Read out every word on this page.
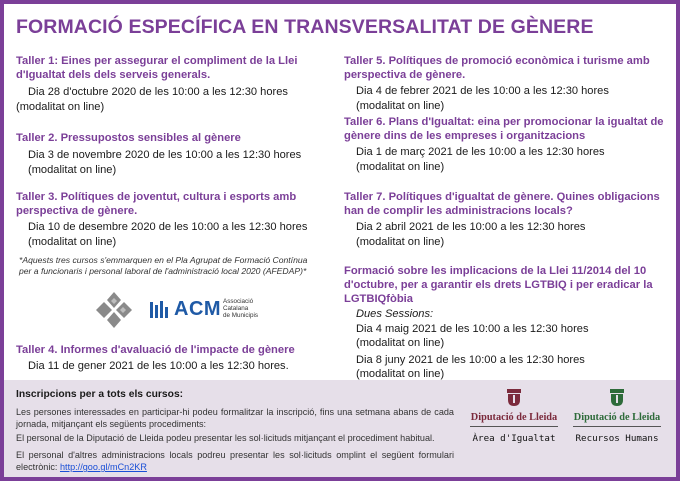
FORMACIÓ ESPECÍFICA EN TRANSVERSALITAT DE GÈNERE
Taller 1: Eines per assegurar el compliment de la Llei
d'Igualtat dels dels serveis generals.
Dia 28 d'octubre 2020 de les 10:00 a les 12:30 hores
(modalitat on line)
Taller 2. Pressupostos sensibles al gènere
Dia 3 de novembre 2020 de les 10:00 a les 12:30 hores
(modalitat on line)
Taller 3. Polítiques de joventut, cultura i esports amb
perspectiva de gènere.
Dia 10 de desembre 2020 de les 10:00 a les 12:30 hores
(modalitat on line)
*Aquests tres cursos s'emmarquen en el Pla Agrupat de Formació Contínua
per a funcionaris i personal laboral de l'administració local 2020 (AFEDAP)*
Taller 4. Informes d'avaluació de l'impacte de gènere
Dia 11 de gener 2021 de les 10:00 a les 12:30 hores.
ACM Associació
Catalana
de Municipis
Taller 5. Polítiques de promoció econòmica i turisme amb
perspectiva de gènere.
Dia 4 de febrer 2021 de les 10:00 a les 12:30 hores
(modalitat on line)
Taller 6. Plans d'Igualtat: eina per promocionar la igualtat de
gènere dins de les empreses i organitzacions
Dia 1 de març 2021 de les 10:00 a les 12:30 hores
(modalitat on line)
Taller 7. Polítiques d'igualtat de gènere. Quines obligacions
han de complir les administracions locals?
Dia 2 abril 2021 de les 10:00 a les 12:30 hores
(modalitat on line)
Formació sobre les implicacions de la Llei 11/2014 del 10
d'octubre, per a garantir els drets LGTBIQ i per eradicar la
LGTBIQfòbia
Dues Sessions:
Dia 4 maig 2021 de les 10:00 a les 12:30 hores
(modalitat on line)
Dia 8 juny 2021 de les 10:00 a les 12:30 hores
(modalitat on line)
Inscripcions per a tots els cursos:
Les persones interessades en participar-hi podeu formalitzar la inscripció, fins una setmana abans de cada jornada, mitjançant els següents procediments:
El personal de la Diputació de Lleida podeu presentar les sol·licituds mitjançant el procediment habitual.
El personal d'altres administracions locals podreu presentar les sol·licituds omplint el següent formulari electrònic: http://goo.gl/mCn2KR
Diputació de Lleida
Àrea d'Igualtat
Diputació de Lleida
Recursos Humans
